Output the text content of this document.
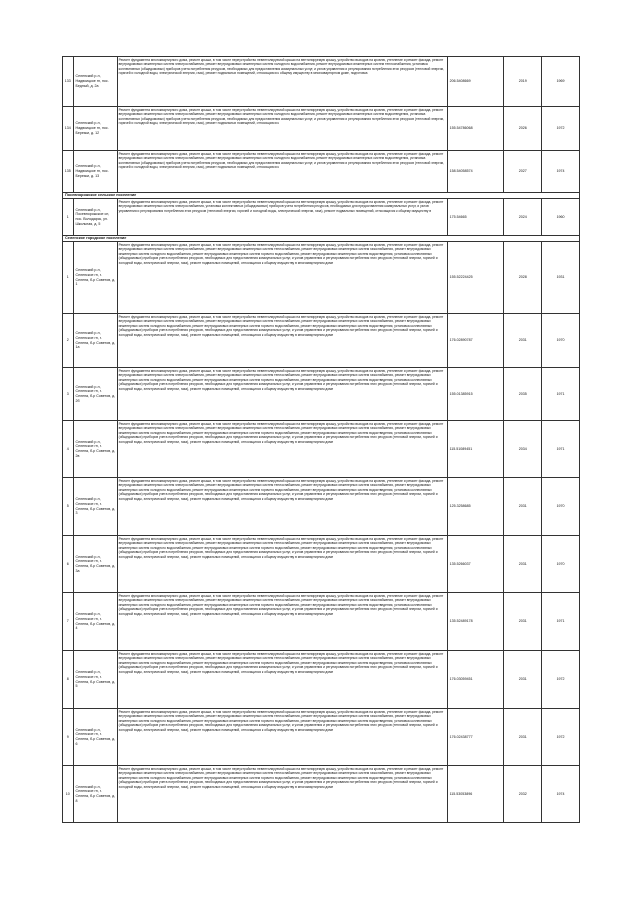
133	Селенский р-н, Надвоицкое гп, пос. Бедный, д. 2а	Ремонт фундамента многоквартирного дома, ремонт крыши, в том числе переустройство невентилируемой крыши на вентилируемую крышу, устройство выходов на кровлю, утепление и ремонт фасада, ремонт внутридомовых инженерных систем электроснабжения, ремонт внутридомовых инженерных систем холодного водоснабжения, ремонт внутридомовых инженерных систем теплоснабжения, установка коллективных (общедомовых) приборов учета потребления ресурсов, необходимых для предоставления коммунальных услуг, и узлов управления и регулирования потребления этих ресурсов (тепловой энергии, горячей и холодной воды, электрической энергии, газа), ремонт подвальных помещений, относящихся к общему имуществу в многоквартирном доме, подготовка	206.5408669	2019	1969
134	Селенский р-н, Надвоицкое гп, пос. Березки, д. 12	Ремонт фундамента многоквартирного дома, ремонт крыши, в том числе переустройство невентилируемой крыши на вентилируемую крышу, устройство выходов на кровлю, утепление и ремонт фасада, ремонт внутридомовых инженерных систем электроснабжения, ремонт внутридомовых инженерных систем холодного водоснабжения, ремонт внутридомовых инженерных систем водоотведения, установка коллективных (общедомовых) приборов учета потребления ресурсов, необходимых для предоставления коммунальных услуг, и узлов управления и регулирования потребления этих ресурсов (тепловой энергии, горячей и холодной воды, электрической энергии, газа), ремонт подвальных помещений, относящихся к	155.54786068	2026	1972
135	Селенский р-н, Надвоицкое гп, пос. Березки, д. 13	Ремонт фундамента многоквартирного дома, ремонт крыши, в том числе переустройство невентилируемой крыши на вентилируемую крышу, устройство выходов на кровлю, утепление и ремонт фасада, ремонт внутридомовых инженерных систем электроснабжения, ремонт внутридомовых инженерных систем холодного водоснабжения, ремонт внутридомовых инженерных систем водоотведения, установка коллективных (общедомовых) приборов учета потребления ресурсов, необходимых для предоставления коммунальных услуг, и узлов управления и регулирования потребления этих ресурсов (тепловой энергии, горячей и холодной воды, электрической энергии, газа), ремонт подвальных помещений, относящихся к	158.54058574	2027	1974
Посевнорожское сельское поселение					
1	Селенский р-н, Посевнорожское сп, пос. Володарск, ул. Школьная, д. 5	Ремонт фундамента многоквартирного дома, ремонт крыши, в том числе переустройство невентилируемой крыши на вентилируемую крышу, устройство выходов на кровлю, утепление и ремонт фасада, ремонт внутридомовых инженерных систем электроснабжения, установка коллективных (общедомовых) приборов учета потребления ресурсов, необходимых для предоставления коммунальных услуг, и узлов управления и регулирования потребления этих ресурсов (тепловой энергии, горячей и холодной воды, электрической энергии, газа), ремонт подвальных помещений, относящихся к общему имуществу в	175.54665	2024	1960
Селенское городское поселение					
1	Селенский р-н, Селенское гп, г. Селена, б-р Советов, д. 1	Ремонт фундамента многоквартирного дома, ремонт крыши, в том числе переустройство невентилируемой крыши на вентилируемую крышу, устройство выходов на кровлю, утепление и ремонт фасада, ремонт внутридомовых инженерных систем электроснабжения, ремонт внутридомовых инженерных систем теплоснабжения, ремонт внутридомовых инженерных систем газоснабжения, ремонт внутридомовых инженерных систем холодного водоснабжения, ремонт внутридомовых инженерных систем горячего водоснабжения, ремонт внутридомовых инженерных систем водоотведения, установка коллективных (общедомовых) приборов учета потребления ресурсов, необходимых для предоставления коммунальных услуг, и узлов управления и регулирования потребления этих ресурсов (тепловой энергии, горячей и холодной воды, электрической энергии, газа), ремонт подвальных помещений, относящихся к общему имуществу в многоквартирном доме	155.52224425	2028	1931
2	Селенский р-н, Селенское гп, г. Селена, б-р Советов, д. 1а	Ремонт фундамента многоквартирного дома, ремонт крыши, в том числе переустройство невентилируемой крыши на вентилируемую крышу, устройство выходов на кровлю, утепление и ремонт фасада, ремонт внутридомовых инженерных систем электроснабжения, ремонт внутридомовых инженерных систем теплоснабжения, ремонт внутридомовых инженерных систем газоснабжения, ремонт внутридомовых инженерных систем холодного водоснабжения, ремонт внутридомовых инженерных систем горячего водоснабжения, ремонт внутридомовых инженерных систем водоотведения, установка коллективных (общедомовых) приборов учета потребления ресурсов, необходимых для предоставления коммунальных услуг, и узлов управления и регулирования потребления этих ресурсов (тепловой энергии, горячей и холодной воды, электрической энергии, газа), ремонт подвальных помещений, относящихся к общему имуществу в многоквартирном доме	176.02890787	2031	1970
3	Селенский р-н, Селенское гп, г. Селена, б-р Советов, д. 2б	Ремонт фундамента многоквартирного дома, ремонт крыши, в том числе переустройство невентилируемой крыши на вентилируемую крышу, устройство выходов на кровлю, утепление и ремонт фасада, ремонт внутридомовых инженерных систем электроснабжения, ремонт внутридомовых инженерных систем теплоснабжения, ремонт внутридомовых инженерных систем газоснабжения, ремонт внутридомовых инженерных систем холодного водоснабжения, ремонт внутридомовых инженерных систем горячего водоснабжения, ремонт внутридомовых инженерных систем водоотведения, установка коллективных (общедомовых) приборов учета потребления ресурсов, необходимых для предоставления коммунальных услуг, и узлов управления и регулирования потребления этих ресурсов (тепловой энергии, горячей и холодной воды, электрической энергии, газа), ремонт подвальных помещений, относящихся к общему имуществу в многоквартирном доме	155.01385915	2035	1971
4	Селенский р-н, Селенское гп, г. Селена, б-р Советов, д. 2в	Ремонт фундамента многоквартирного дома, ремонт крыши, в том числе переустройство невентилируемой крыши на вентилируемую крышу, устройство выходов на кровлю, утепление и ремонт фасада, ремонт внутридомовых инженерных систем электроснабжения, ремонт внутридомовых инженерных систем теплоснабжения, ремонт внутридомовых инженерных систем газоснабжения, ремонт внутридомовых инженерных систем холодного водоснабжения, ремонт внутридомовых инженерных систем горячего водоснабжения, ремонт внутридомовых инженерных систем водоотведения, установка коллективных (общедомовых) приборов учета потребления ресурсов, необходимых для предоставления коммунальных услуг, и узлов управления и регулирования потребления этих ресурсов (тепловой энергии, горячей и холодной воды, электрической энергии, газа), ремонт подвальных помещений, относящихся к общему имуществу в многоквартирном доме	115.51089451	2034	1971
5	Селенский р-н, Селенское гп, г. Селена, б-р Советов, д. 3	Ремонт фундамента многоквартирного дома, ремонт крыши, в том числе переустройство невентилируемой крыши на вентилируемую крышу, устройство выходов на кровлю, утепление и ремонт фасада, ремонт внутридомовых инженерных систем электроснабжения, ремонт внутридомовых инженерных систем теплоснабжения, ремонт внутридомовых инженерных систем газоснабжения, ремонт внутридомовых инженерных систем холодного водоснабжения, ремонт внутридомовых инженерных систем горячего водоснабжения, ремонт внутридомовых инженерных систем водоотведения, установка коллективных (общедомовых) приборов учета потребления ресурсов, необходимых для предоставления коммунальных услуг, и узлов управления и регулирования потребления этих ресурсов (тепловой энергии, горячей и холодной воды, электрической энергии, газа), ремонт подвальных помещений, относящихся к общему имуществу в многоквартирном доме	125.3258685	2031	1970
6	Селенский р-н, Селенское гп, г. Селена, б-р Советов, д. 3а	Ремонт фундамента многоквартирного дома, ремонт крыши, в том числе переустройство невентилируемой крыши на вентилируемую крышу, устройство выходов на кровлю, утепление и ремонт фасада, ремонт внутридомовых инженерных систем электроснабжения, ремонт внутридомовых инженерных систем теплоснабжения, ремонт внутридомовых инженерных систем газоснабжения, ремонт внутридомовых инженерных систем холодного водоснабжения, ремонт внутридомовых инженерных систем горячего водоснабжения, ремонт внутридомовых инженерных систем водоотведения, установка коллективных (общедомовых) приборов учета потребления ресурсов, необходимых для предоставления коммунальных услуг, и узлов управления и регулирования потребления этих ресурсов (тепловой энергии, горячей и холодной воды, электрической энергии, газа), ремонт подвальных помещений, относящихся к общему имуществу в многоквартирном доме	135.5266037	2031	1970
7	Селенский р-н, Селенское гп, г. Селена, б-р Советов, д. 4	Ремонт фундамента многоквартирного дома, ремонт крыши, в том числе переустройство невентилируемой крыши на вентилируемую крышу, устройство выходов на кровлю, утепление и ремонт фасада, ремонт внутридомовых инженерных систем электроснабжения, ремонт внутридомовых инженерных систем теплоснабжения, ремонт внутридомовых инженерных систем газоснабжения, ремонт внутридомовых инженерных систем холодного водоснабжения, ремонт внутридомовых инженерных систем горячего водоснабжения, ремонт внутридомовых инженерных систем водоотведения, установка коллективных (общедомовых) приборов учета потребления ресурсов, необходимых для предоставления коммунальных услуг, и узлов управления и регулирования потребления этих ресурсов (тепловой энергии, горячей и холодной воды, электрической энергии, газа), ремонт подвальных помещений, относящихся к общему имуществу в многоквартирном доме	135.52489178	2031	1971
8	Селенский р-н, Селенское гп, г. Селена, б-р Советов, д. 5	Ремонт фундамента многоквартирного дома, ремонт крыши, в том числе переустройство невентилируемой крыши на вентилируемую крышу, устройство выходов на кровлю, утепление и ремонт фасада, ремонт внутридомовых инженерных систем электроснабжения, ремонт внутридомовых инженерных систем теплоснабжения, ремонт внутридомовых инженерных систем газоснабжения, ремонт внутридомовых инженерных систем холодного водоснабжения, ремонт внутридомовых инженерных систем горячего водоснабжения, ремонт внутридомовых инженерных систем водоотведения, установка коллективных (общедомовых) приборов учета потребления ресурсов, необходимых для предоставления коммунальных услуг, и узлов управления и регулирования потребления этих ресурсов (тепловой энергии, горячей и холодной воды, электрической энергии, газа), ремонт подвальных помещений, относящихся к общему имуществу в многоквартирном доме	176.03059451	2031	1972
9	Селенский р-н, Селенское гп, г. Селена, б-р Советов, д. 6	Ремонт фундамента многоквартирного дома, ремонт крыши, в том числе переустройство невентилируемой крыши на вентилируемую крышу, устройство выходов на кровлю, утепление и ремонт фасада, ремонт внутридомовых инженерных систем электроснабжения, ремонт внутридомовых инженерных систем теплоснабжения, ремонт внутридомовых инженерных систем газоснабжения, ремонт внутридомовых инженерных систем холодного водоснабжения, ремонт внутридомовых инженерных систем горячего водоснабжения, ремонт внутридомовых инженерных систем водоотведения, установка коллективных (общедомовых) приборов учета потребления ресурсов, необходимых для предоставления коммунальных услуг, и узлов управления и регулирования потребления этих ресурсов (тепловой энергии, горячей и холодной воды, электрической энергии, газа), ремонт подвальных помещений, относящихся к общему имуществу в многоквартирном доме	176.02438777	2031	1972
10	Селенский р-н, Селенское гп, г. Селена, б-р Советов, д. 8	Ремонт фундамента многоквартирного дома, ремонт крыши, в том числе переустройство невентилируемой крыши на вентилируемую крышу, устройство выходов на кровлю, утепление и ремонт фасада, ремонт внутридомовых инженерных систем электроснабжения, ремонт внутридомовых инженерных систем теплоснабжения, ремонт внутридомовых инженерных систем газоснабжения, ремонт внутридомовых инженерных систем холодного водоснабжения, ремонт внутридомовых инженерных систем горячего водоснабжения, ремонт внутридомовых инженерных систем водоотведения, установка коллективных (общедомовых) приборов учета потребления ресурсов, необходимых для предоставления коммунальных услуг, и узлов управления и регулирования потребления этих ресурсов (тепловой энергии, горячей и холодной воды, электрической энергии, газа), ремонт подвальных помещений, относящихся к общему имуществу в многоквартирном доме	115.53053896	2032	1974
